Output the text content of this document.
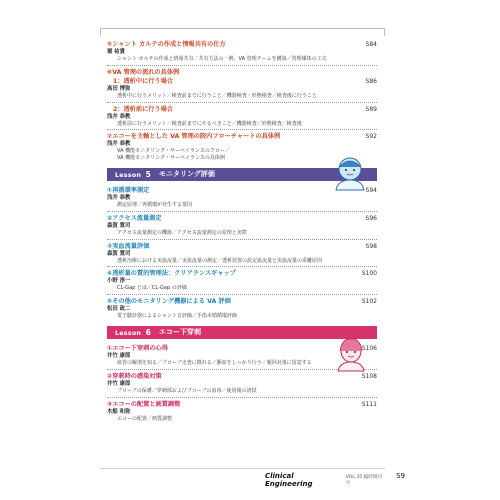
⑤シャント カルテの作成と情報共有の仕方	S84
堀 祐貴
シャント カルテの作成と情報共有／共有方法の一例、VA 管理チームを構築／管理媒体の工夫
⑥VA 管理の流れの具体例
1：透析中に行う場合	S86
高田 博弥
透析中に行うメリット／検査前までに行うこと／機器検査・形態検査／検査後に行うこと
2：透析前に行う場合	S89
浅井 恭教
透析前に行うメリット／検査前までにやるべきこと／機器検査／形態検査／検査後
⑦エコーを主軸とした VA 管理の院内フローチャートの具体例	S92
浅井 恭教
VA 機能モニタリング・サーベイランスのフロー／
VA 機能モニタリング・サーベイランスの具体例
Lesson 5 モニタリング評価
①再循環率測定	S94
浅井 恭教
測定原理／再循環が発生する要因
②アクセス流量測定	S96
森賀 寛司
アクセス流量測定の機器／アクセス流量測定の原理と実際
③実血流量評価	S98
森賀 寛司
透析治療における実血流量／実血流量の測定／透析装置の設定血流量と実血流量の乖離原因
④透析量の質的管理法：クリアランスギャップ	S100
小野 淳一
CL-Gap とは／CL-Gap の評価
⑤その他のモニタリング機器による VA 評価	S102
松田 政二
電子聴診器によるシャント音評価／手指末梢循環評価
Lesson 6 エコー下穿刺
①エコー下穿刺の心得	S106
井竹 康郎
血管の解剖を知る／プローブ走査に慣れる／駆血をしっかり行う／頻回対策に留意する
②穿刺時の感染対策	S108
井竹 康郎
プローブの保護／穿刺部およびプローブの消毒／使用後の清拭
③エコーの配置と画質調整	S111
木船 和弥
エコーの配置／画質調整
Clinical Engineering
VOL.35 臨時増刊号
S9
